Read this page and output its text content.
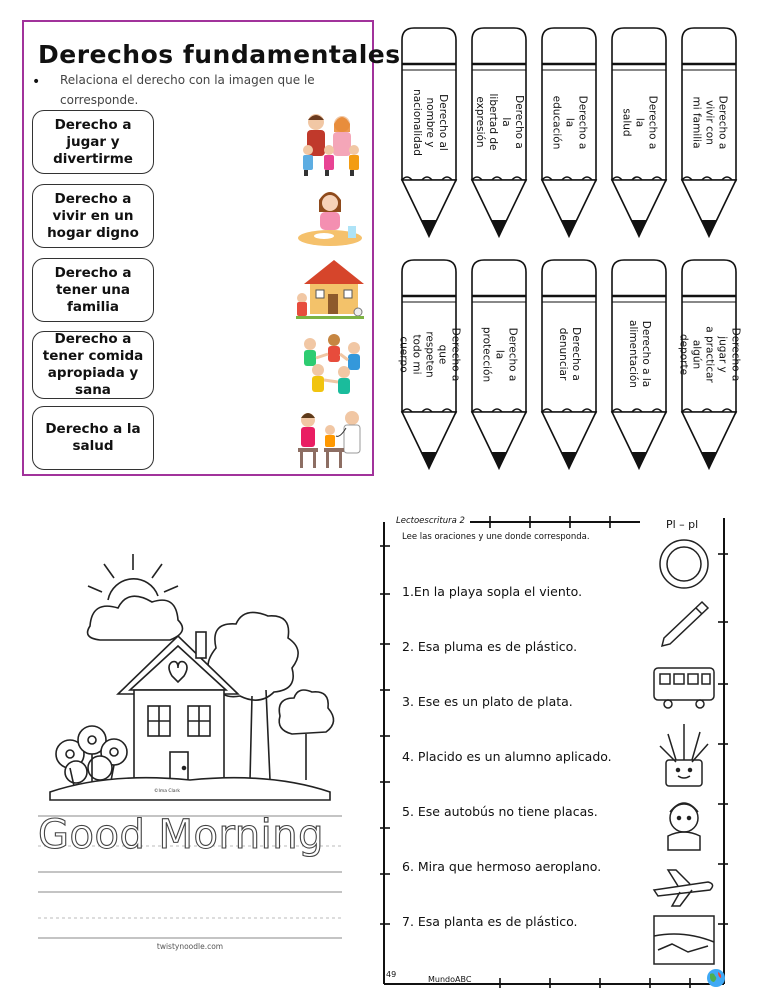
Derechos fundamentales
• Relaciona el derecho con la imagen que le corresponde.
Derecho a
jugar y
divertirme
Derecho a
vivir en un
hogar digno
Derecho a
tener una
familia
Derecho a
tener comida
apropiada y
sana
Derecho a la
salud
Derecho al
nombre y
nacionalidad	Derecho a la
libertad de
expresión	Derecho a la
educación	Derecho a la
salud	Derecho a vivir con
mi familia
Derecho a que
respeten todo mi
cuerpo	Derecho a la
protección	Derecho a
denunciar	Derecho a la
alimentación	Derecho a jugar y
a practicar algún
deporte
©Ima Clark
Good Morning
twistynoodle.com
Lectoescritura 2
Lee las oraciones y une donde corresponda.
Pl – pl
1.En la playa sopla el viento.
2. Esa pluma es de plástico.
3. Ese es un plato de plata.
4. Placido es un alumno aplicado.
5. Ese autobús no tiene placas.
6. Mira que hermoso aeroplano.
7. Esa planta es de plástico.
49
MundoABC
